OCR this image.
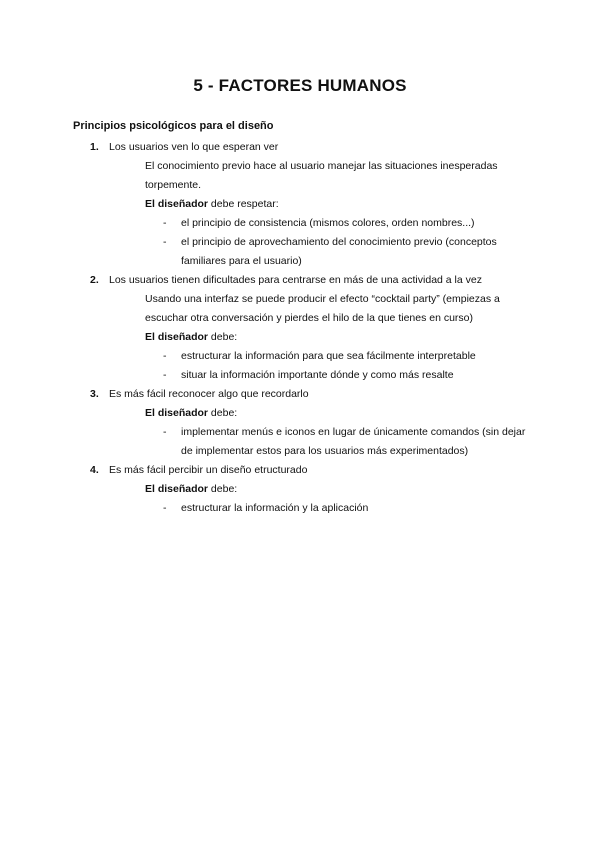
5 - FACTORES HUMANOS
Principios psicológicos para el diseño
1. Los usuarios ven lo que esperan ver
El conocimiento previo hace al usuario manejar las situaciones inesperadas torpemente.
El diseñador debe respetar:
- el principio de consistencia (mismos colores, orden nombres...)
- el principio de aprovechamiento del conocimiento previo (conceptos familiares para el usuario)
2. Los usuarios tienen dificultades para centrarse en más de una actividad a la vez
Usando una interfaz se puede producir el efecto “cocktail party” (empiezas a escuchar otra conversación y pierdes el hilo de la que tienes en curso)
El diseñador debe:
- estructurar la información para que sea fácilmente interpretable
- situar la información importante dónde y como más resalte
3. Es más fácil reconocer algo que recordarlo
El diseñador debe:
- implementar menús e iconos en lugar de únicamente comandos (sin dejar de implementar estos para los usuarios más experimentados)
4. Es más fácil percibir un diseño etructurado
El diseñador debe:
- estructurar la información y la aplicación
